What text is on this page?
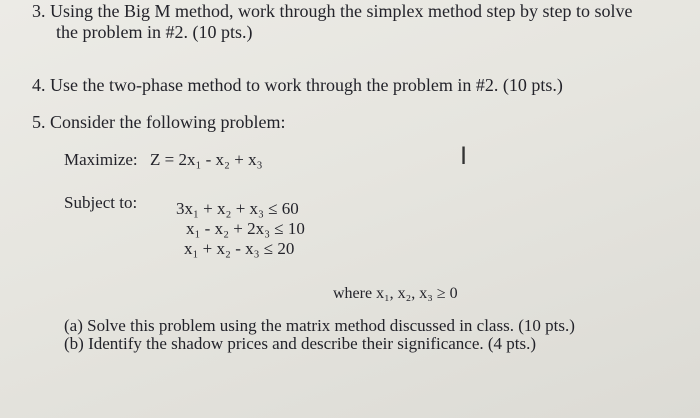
3. Using the Big M method, work through the simplex method step by step to solve
the problem in #2. (10 pts.)
4. Use the two-phase method to work through the problem in #2. (10 pts.)
5. Consider the following problem:
Maximize: Z = 2x₁ - x₂ + x₃	I
Subject to: 3x₁ + x₂ + x₃ ≤ 60
x₁ - x₂ + 2x₃ ≤ 10
x₁ + x₂ - x₃ ≤ 20
where x₁, x₂, x₃ ≥ 0
(a) Solve this problem using the matrix method discussed in class. (10 pts.)
(b) Identify the shadow prices and describe their significance. (4 pts.)
